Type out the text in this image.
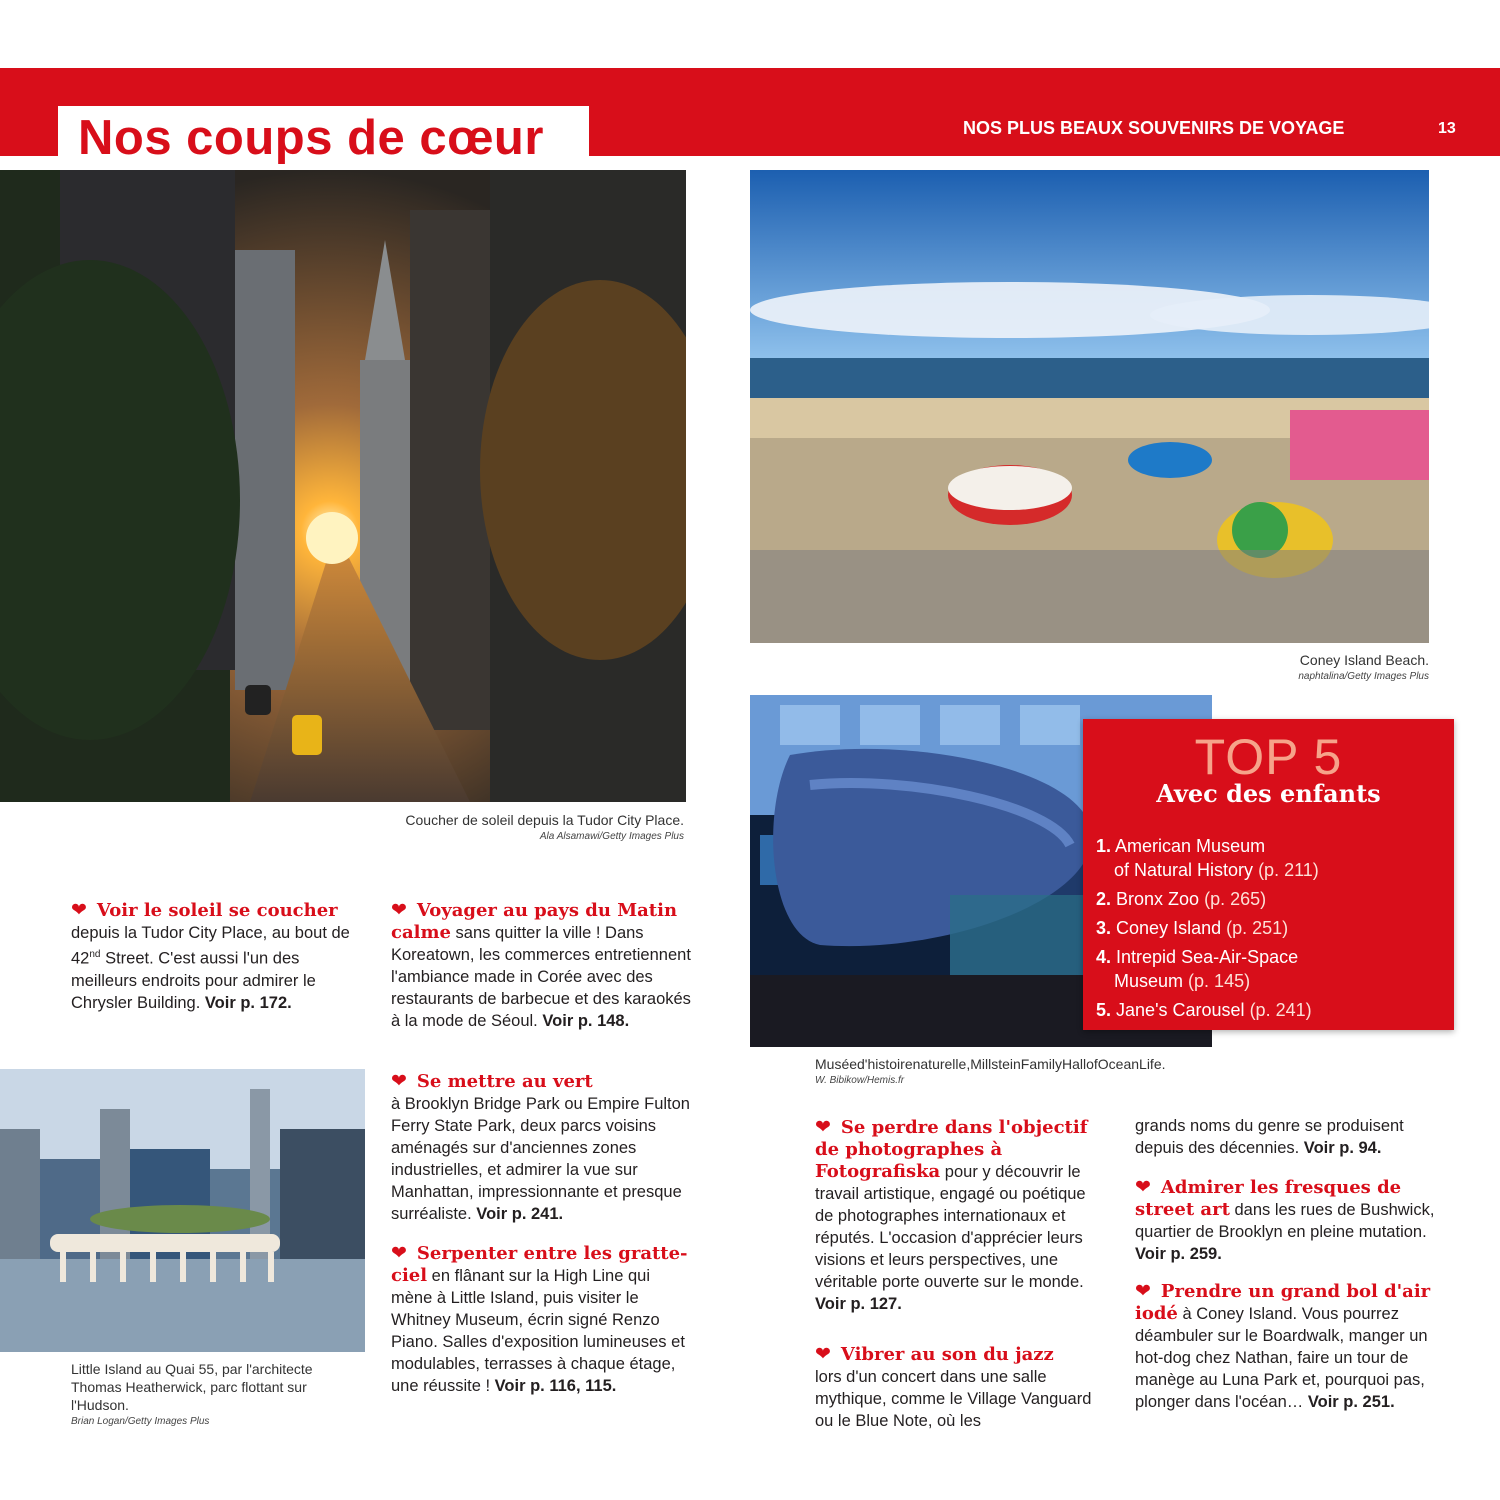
Nos coups de cœur	NOS PLUS BEAUX SOUVENIRS DE VOYAGE	13
Coucher de soleil depuis la Tudor City Place.
Ala Alsamawi/Getty Images Plus
Coney Island Beach.
naphtalina/Getty Images Plus
Muséed'histoirenaturelle,MillsteinFamilyHallofOceanLife.
W. Bibikow/Hemis.fr
TOP 5
Avec des enfants
1. American Museum
of Natural History (p. 211)
2. Bronx Zoo (p. 265)
3. Coney Island (p. 251)
4. Intrepid Sea-Air-Space
Museum (p. 145)
5. Jane's Carousel (p. 241)
Little Island au Quai 55, par l'architecte
Thomas Heatherwick, parc flottant sur
l'Hudson.
Brian Logan/Getty Images Plus

❤ Voir le soleil se coucher
depuis la Tudor City Place, au bout de 42nd Street. C'est aussi l'un des meilleurs endroits pour admirer le Chrysler Building. Voir p. 172.

❤ Voyager au pays du Matin calme sans quitter la ville ! Dans Koreatown, les commerces entretiennent l'ambiance made in Corée avec des restaurants de barbecue et des karaokés à la mode de Séoul. Voir p. 148.

❤ Se mettre au vert
à Brooklyn Bridge Park ou Empire Fulton Ferry State Park, deux parcs voisins aménagés sur d'anciennes zones industrielles, et admirer la vue sur Manhattan, impressionnante et presque surréaliste. Voir p. 241.

❤ Serpenter entre les gratte-ciel en flânant sur la High Line qui mène à Little Island, puis visiter le Whitney Museum, écrin signé Renzo Piano. Salles d'exposition lumineuses et modulables, terrasses à chaque étage, une réussite ! Voir p. 116, 115.

❤ Se perdre dans l'objectif de photographes à Fotografiska pour y découvrir le travail artistique, engagé ou poétique de photographes internationaux et réputés. L'occasion d'apprécier leurs visions et leurs perspectives, une véritable porte ouverte sur le monde. Voir p. 127.

❤ Vibrer au son du jazz
lors d'un concert dans une salle mythique, comme le Village Vanguard ou le Blue Note, où les

grands noms du genre se produisent depuis des décennies. Voir p. 94.

❤ Admirer les fresques de street art dans les rues de Bushwick, quartier de Brooklyn en pleine mutation. Voir p. 259.

❤ Prendre un grand bol d'air iodé à Coney Island. Vous pourrez déambuler sur le Boardwalk, manger un hot-dog chez Nathan, faire un tour de manège au Luna Park et, pourquoi pas, plonger dans l'océan… Voir p. 251.
